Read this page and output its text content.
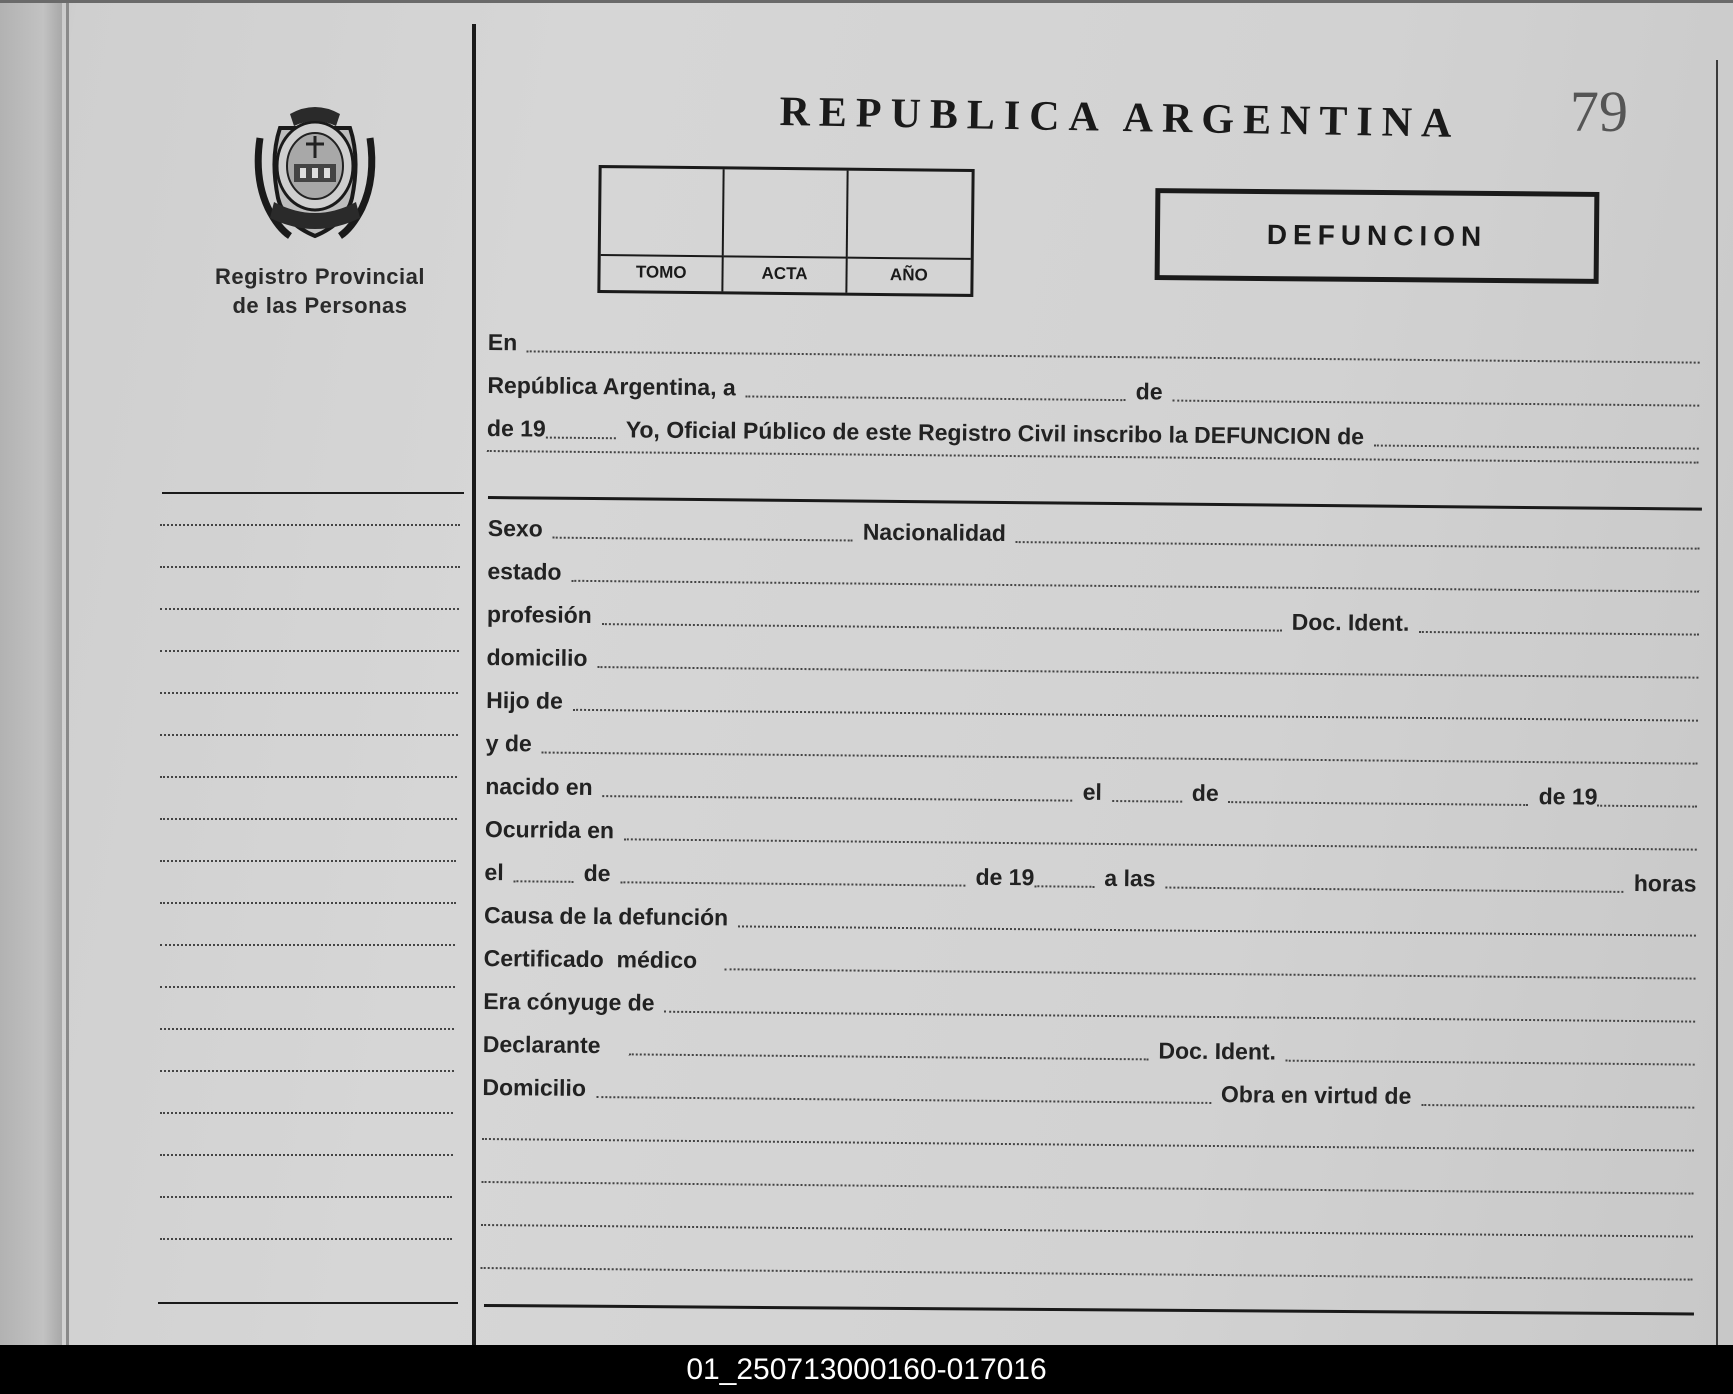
Registro Provincial
de las Personas
REPUBLICA ARGENTINA 79
TOMO	ACTA	AÑO
DEFUNCION
En
República Argentina, a	de
de 19	Yo, Oficial Público de este Registro Civil inscribo la DEFUNCION de
Sexo	Nacionalidad
estado
profesión	Doc. Ident.
domicilio
Hijo de
y de
nacido en	el	de	de 19
Ocurrida en
el	de	de 19	a las	horas
Causa de la defunción
Certificado  médico
Era cónyuge de
Declarante	Doc. Ident.
Domicilio	Obra en virtud de
01_250713000160-017016
